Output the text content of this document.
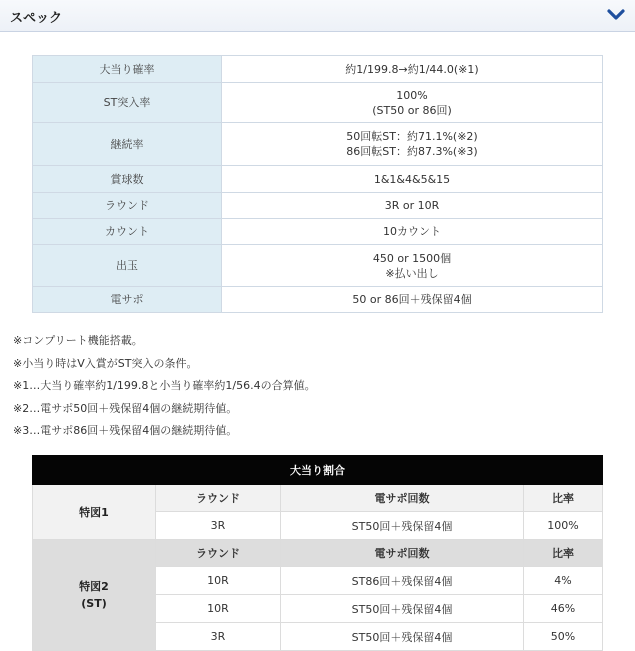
スペック
大当り確率	約1/199.8→約1/44.0(※1)

ST突入率	100%
(ST50 or 86回)

継続率	50回転ST：約71.1%(※2)
86回転ST：約87.3%(※3)

賞球数	1&1&4&5&15

ラウンド	3R or 10R

カウント	10カウント

出玉	450 or 1500個
※払い出し

電サポ	50 or 86回＋残保留4個
※コンプリート機能搭載。
※小当り時はV入賞がST突入の条件。
※1…大当り確率約1/199.8と小当り確率約1/56.4の合算値。
※2…電サポ50回＋残保留4個の継続期待値。
※3…電サポ86回＋残保留4個の継続期待値。
大当り割合			

特図1	ラウンド	電サポ回数	比率
	3R	ST50回＋残保留4個	100%

特図2
(ST)	ラウンド	電サポ回数	比率
	10R	ST86回＋残保留4個	4%
	10R	ST50回＋残保留4個	46%
	3R	ST50回＋残保留4個	50%
